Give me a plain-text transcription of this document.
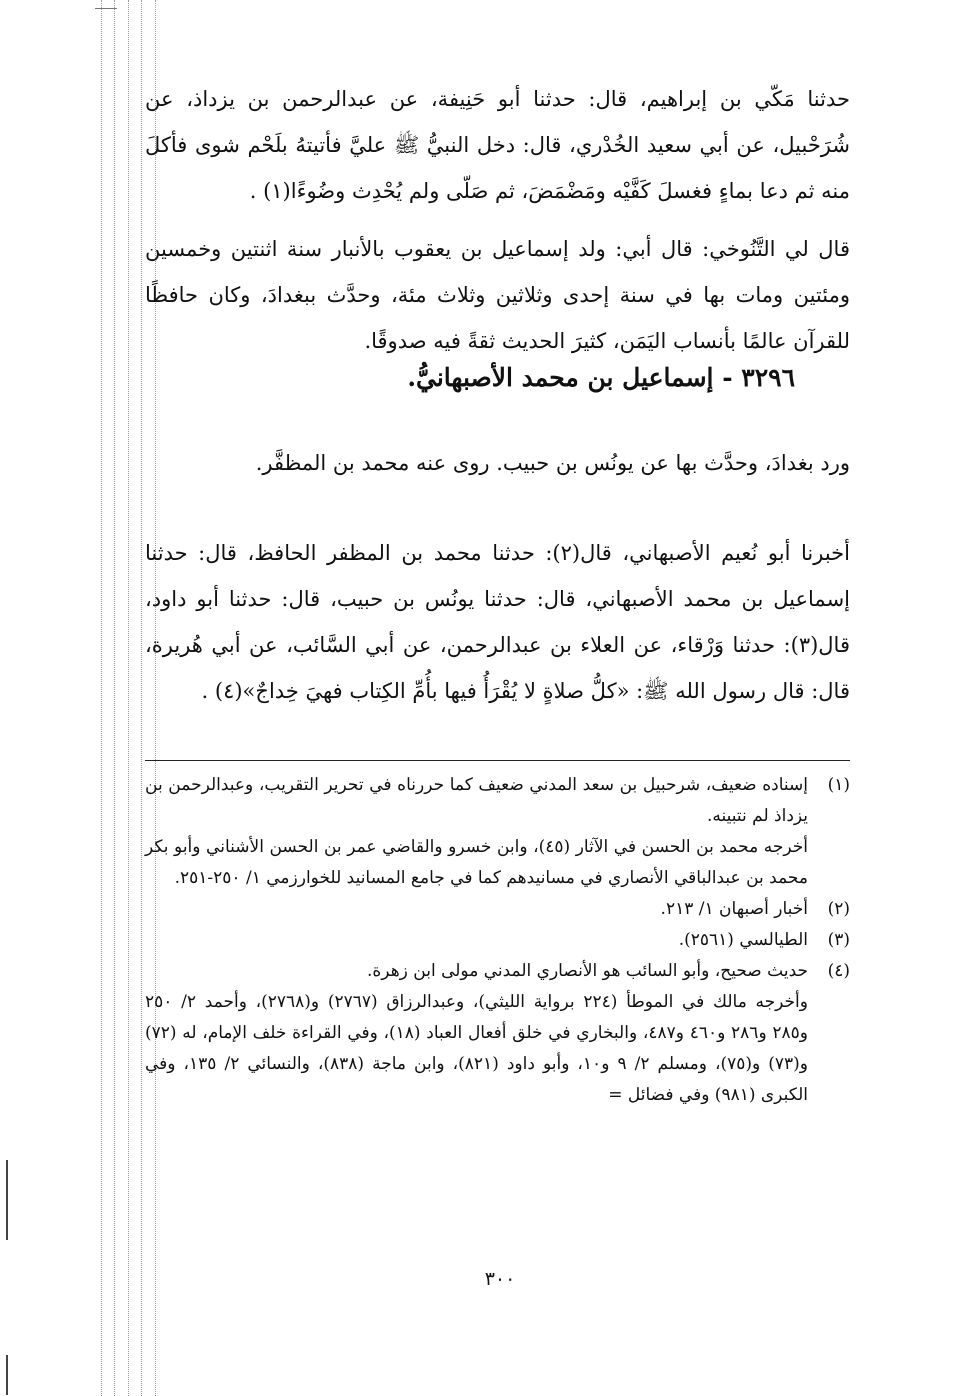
حدثنا مَكّي بن إبراهيم، قال: حدثنا أبو حَنِيفة، عن عبدالرحمن بن يزداذ، عن شُرَحْبيل، عن أبي سعيد الخُدْري، قال: دخل النبيُّ ﷺ عليَّ فأتيتهُ بلَحْم شوى فأكلَ منه ثم دعا بماءٍ فغسلَ كَفَّيْه ومَضْمَضَ، ثم صَلّى ولم يُحْدِث وضُوءًا(١) .

قال لي التَّنُوخي: قال أبي: ولد إسماعيل بن يعقوب بالأنبار سنة اثنتين وخمسين ومئتين ومات بها في سنة إحدى وثلاثين وثلاث مئة، وحدَّث ببغدادَ، وكان حافظًا للقرآن عالمًا بأنساب اليَمَن، كثيرَ الحديث ثقةً فيه صدوقًا.

٣٢٩٦ - إسماعيل بن محمد الأصبهانيُّ.

ورد بغدادَ، وحدَّث بها عن يونُس بن حبيب. روى عنه محمد بن المظفَّر.

أخبرنا أبو نُعيم الأصبهاني، قال(٢): حدثنا محمد بن المظفر الحافظ، قال: حدثنا إسماعيل بن محمد الأصبهاني، قال: حدثنا يونُس بن حبيب، قال: حدثنا أبو داود، قال(٣): حدثنا وَرْقاء، عن العلاء بن عبدالرحمن، عن أبي السَّائب، عن أبي هُريرة، قال: قال رسول الله ﷺ: «كلُّ صلاةٍ لا يُقْرَأُ فيها بأُمِّ الكِتاب فهيَ خِداجٌ»(٤) .

(١)
إسناده ضعيف، شرحبيل بن سعد المدني ضعيف كما حررناه في تحرير التقريب، وعبدالرحمن بن يزداذ لم نتبينه.
أخرجه محمد بن الحسن في الآثار (٤٥)، وابن خسرو والقاضي عمر بن الحسن الأشناني وأبو بكر محمد بن عبدالباقي الأنصاري في مسانيدهم كما في جامع المسانيد للخوارزمي ١/ ٢٥٠-٢٥١.
(٢)
أخبار أصبهان ١/ ٢١٣.
(٣)
الطيالسي (٢٥٦١).
(٤)
حديث صحيح، وأبو السائب هو الأنصاري المدني مولى ابن زهرة.
وأخرجه مالك في الموطأ (٢٢٤ برواية الليثي)، وعبدالرزاق (٢٧٦٧) و(٢٧٦٨)، وأحمد ٢/ ٢٥٠ و٢٨٥ و٢٨٦ و٤٦٠ و٤٨٧، والبخاري في خلق أفعال العباد (١٨)، وفي القراءة خلف الإمام، له (٧٢) و(٧٣) و(٧٥)، ومسلم ٢/ ٩ و١٠، وأبو داود (٨٢١)، وابن ماجة (٨٣٨)، والنسائي ٢/ ١٣٥، وفي الكبرى (٩٨١) وفي فضائل =
٣٠٠
